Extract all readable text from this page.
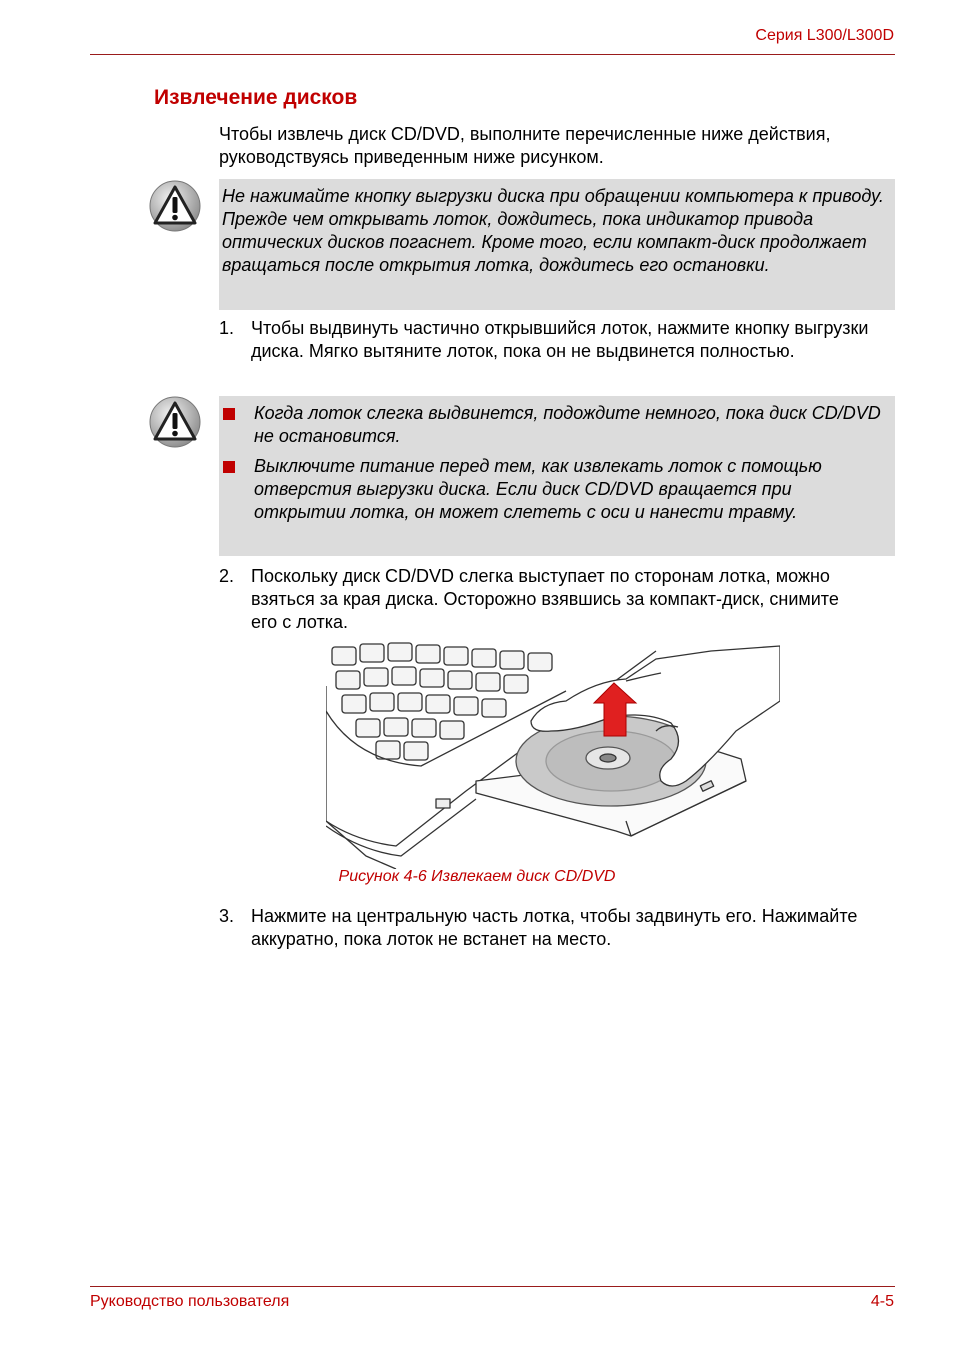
Серия L300/L300D
Извлечение дисков
Чтобы извлечь диск CD/DVD, выполните перечисленные ниже действия, руководствуясь приведенным ниже рисунком.
Не нажимайте кнопку выгрузки диска при обращении компьютера к приводу. Прежде чем открывать лоток, дождитесь, пока индикатор привода оптических дисков погаснет. Кроме того, если компакт-диск продолжает вращаться после открытия лотка, дождитесь его остановки.
1. Чтобы выдвинуть частично открывшийся лоток, нажмите кнопку выгрузки диска. Мягко вытяните лоток, пока он не выдвинется полностью.
Когда лоток слегка выдвинется, подождите немного, пока диск CD/DVD не остановится.
Выключите питание перед тем, как извлекать лоток с помощью отверстия выгрузки диска. Если диск CD/DVD вращается при открытии лотка, он может слететь с оси и нанести травму.
2. Поскольку диск CD/DVD слегка выступает по сторонам лотка, можно взяться за края диска. Осторожно взявшись за компакт-диск, снимите его с лотка.
Рисунок 4-6 Извлекаем диск CD/DVD
3. Нажмите на центральную часть лотка, чтобы задвинуть его. Нажимайте аккуратно, пока лоток не встанет на место.
Руководство пользователя	4-5
